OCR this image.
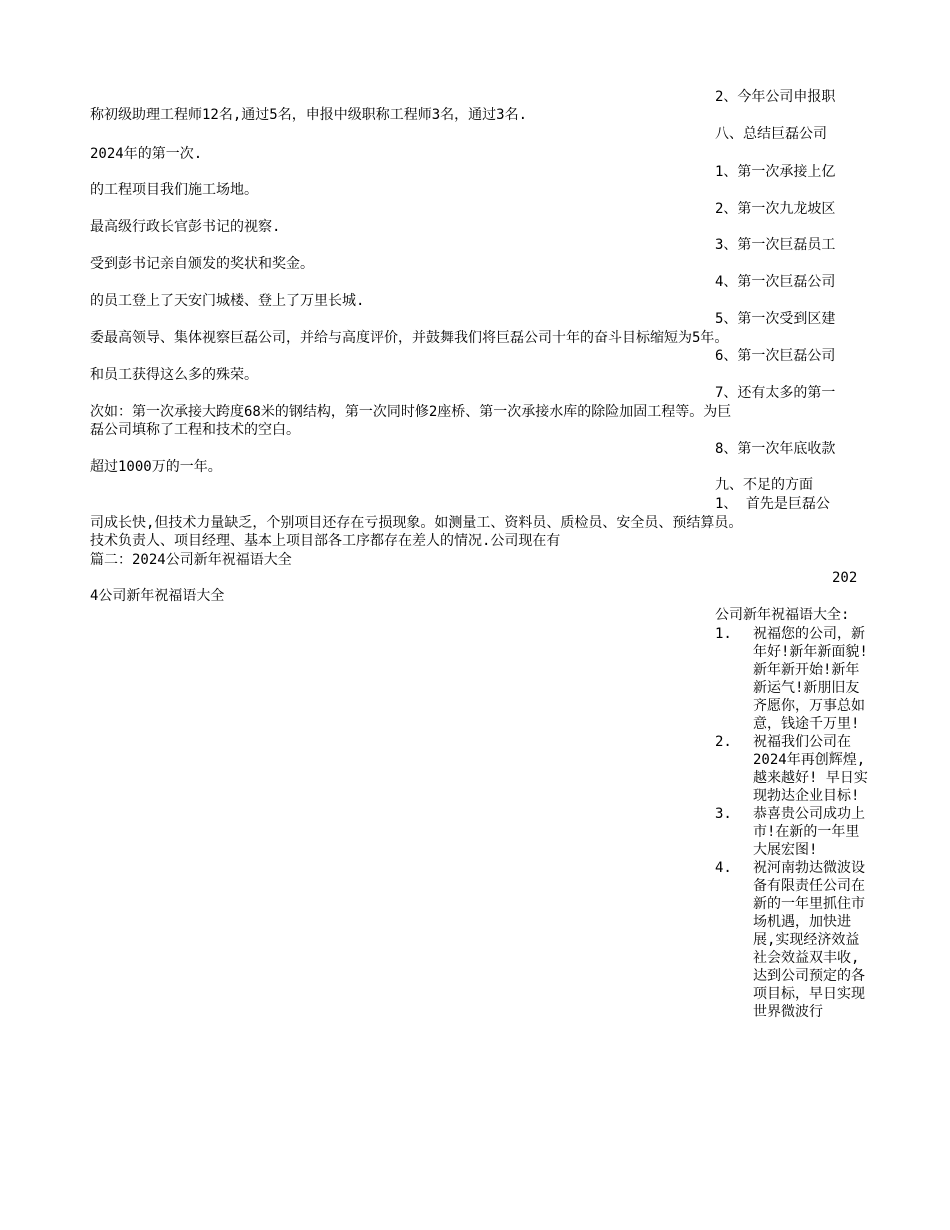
称初级助理工程师12名,通过5名，申报中级职称工程师3名，通过3名.
2024年的第一次.
的工程项目我们施工场地。
最高级行政长官彭书记的视察.
受到彭书记亲自颁发的奖状和奖金。
的员工登上了天安门城楼、登上了万里长城.
委最高领导、集体视察巨磊公司，并给与高度评价，并鼓舞我们将巨磊公司十年的奋斗目标缩短为5年。
和员工获得这么多的殊荣。
次如：第一次承接大跨度68米的钢结构，第一次同时修2座桥、第一次承接水库的除险加固工程等。为巨
磊公司填称了工程和技术的空白。
超过1000万的一年。
司成长快,但技术力量缺乏，个别项目还存在亏损现象。如测量工、资料员、质检员、安全员、预结算员。
技术负责人、项目经理、基本上项目部各工序都存在差人的情况.公司现在有
篇二：2024公司新年祝福语大全
4公司新年祝福语大全
2、今年公司申报职
八、总结巨磊公司
1、第一次承接上亿
2、第一次九龙坡区
3、第一次巨磊员工
4、第一次巨磊公司
5、第一次受到区建
6、第一次巨磊公司
7、还有太多的第一
8、第一次年底收款
九、不足的方面
1、 首先是巨磊公
202
公司新年祝福语大全:
1.	祝福您的公司，新年好!新年新面貌!新年新开始!新年新运气!新朋旧友齐愿你，万事总如意，钱途千万里!
2.	祝福我们公司在2024年再创辉煌,越来越好! 早日实现勃达企业目标!
3.	恭喜贵公司成功上市!在新的一年里大展宏图!
4.	祝河南勃达微波设备有限责任公司在新的一年里抓住市场机遇，加快进展,实现经济效益社会效益双丰收,达到公司预定的各项目标，早日实现世界微波行
